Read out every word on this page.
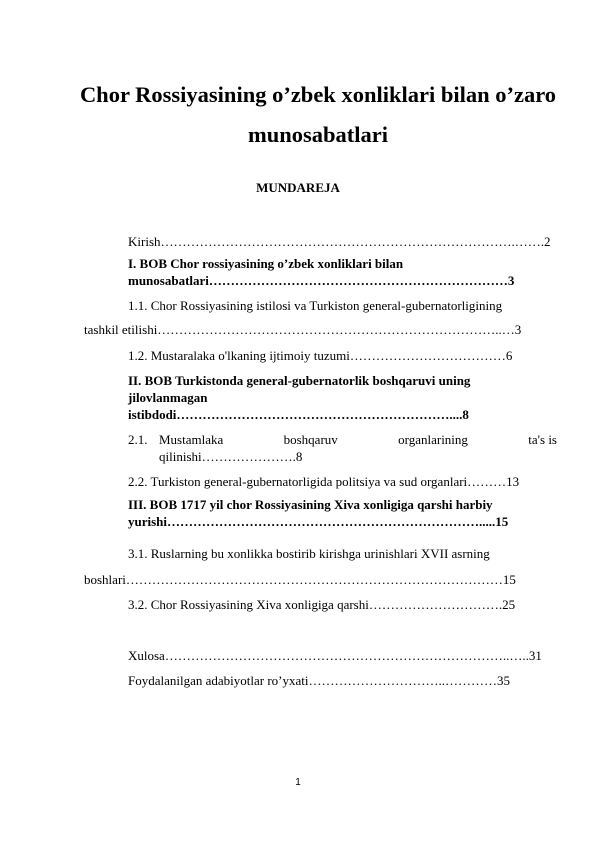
Chor Rossiyasining o’zbek xonliklari bilan o’zaro
munosabatlari
MUNDAREJA
Kirish……………………………………………………………………….…….2
I. BOB Chor rossiyasining o’zbek xonliklari bilan
munosabatlari……………………………………………………………3
1.1. Chor Rossiyasining istilosi va Turkiston general-gubernatorligining
tashkil etilishi……………………………………………………………………..…3
1.2. Mustaralaka o'lkaning ijtimoiy tuzumi………………………………6
II. BOB Turkistonda general-gubernatorlik boshqaruvi uning
jilovlanmagan
istibdodi………………………………………………………....8
2.1. Mustamlaka	boshqaruv	organlarining	ta's is
qilinishi………………….8
2.2. Turkiston general-gubernatorligida politsiya va sud organlari………13
III. BOB 1717 yil chor Rossiyasining Xiva xonligiga qarshi harbiy
yurishi……………………………………………………………….....15
3.1. Ruslarning bu xonlikka bostirib kirishga urinishlari XVII asrning
boshlari……………………………………………………………………………15
3.2. Chor Rossiyasining Xiva xonligiga qarshi………………………….25
Xulosa……………………………………………………………………..…..31
Foydalanilgan adabiyotlar ro’yxati…………………………..…………35
1
